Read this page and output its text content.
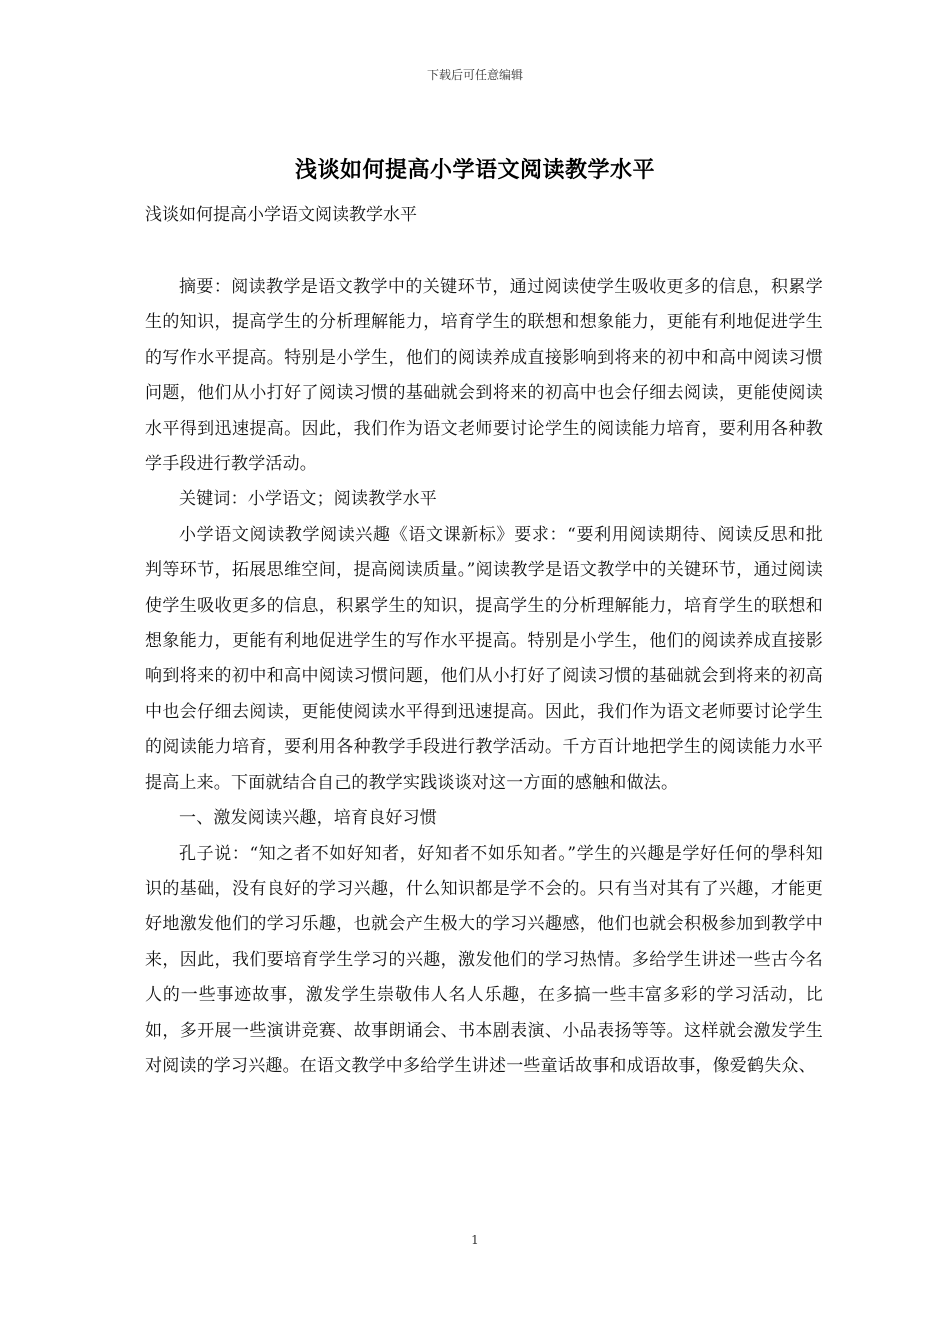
下载后可任意编辑
浅谈如何提高小学语文阅读教学水平
浅谈如何提高小学语文阅读教学水平

摘要：阅读教学是语文教学中的关键环节，通过阅读使学生吸收更多的信息，积累学生的知识，提高学生的分析理解能力，培育学生的联想和想象能力，更能有利地促进学生的写作水平提高。特别是小学生，他们的阅读养成直接影响到将来的初中和高中阅读习惯问题，他们从小打好了阅读习惯的基础就会到将来的初高中也会仔细去阅读，更能使阅读水平得到迅速提高。因此，我们作为语文老师要讨论学生的阅读能力培育，要利用各种教学手段进行教学活动。

关键词：小学语文；阅读教学水平

小学语文阅读教学阅读兴趣《语文课新标》要求：“要利用阅读期待、阅读反思和批判等环节，拓展思维空间，提高阅读质量。”阅读教学是语文教学中的关键环节，通过阅读使学生吸收更多的信息，积累学生的知识，提高学生的分析理解能力，培育学生的联想和想象能力，更能有利地促进学生的写作水平提高。特别是小学生，他们的阅读养成直接影响到将来的初中和高中阅读习惯问题，他们从小打好了阅读习惯的基础就会到将来的初高中也会仔细去阅读，更能使阅读水平得到迅速提高。因此，我们作为语文老师要讨论学生的阅读能力培育，要利用各种教学手段进行教学活动。千方百计地把学生的阅读能力水平提高上来。下面就结合自己的教学实践谈谈对这一方面的感触和做法。

一、激发阅读兴趣，培育良好习惯

孔子说：“知之者不如好知者，好知者不如乐知者。”学生的兴趣是学好任何的學科知识的基础，没有良好的学习兴趣，什么知识都是学不会的。只有当对其有了兴趣，才能更好地激发他们的学习乐趣，也就会产生极大的学习兴趣感，他们也就会积极参加到教学中来，因此，我们要培育学生学习的兴趣，激发他们的学习热情。多给学生讲述一些古今名人的一些事迹故事，激发学生崇敬伟人名人乐趣，在多搞一些丰富多彩的学习活动，比如，多开展一些演讲竞赛、故事朗诵会、书本剧表演、小品表扬等等。这样就会激发学生对阅读的学习兴趣。在语文教学中多给学生讲述一些童话故事和成语故事，像爱鹤失众、

1
